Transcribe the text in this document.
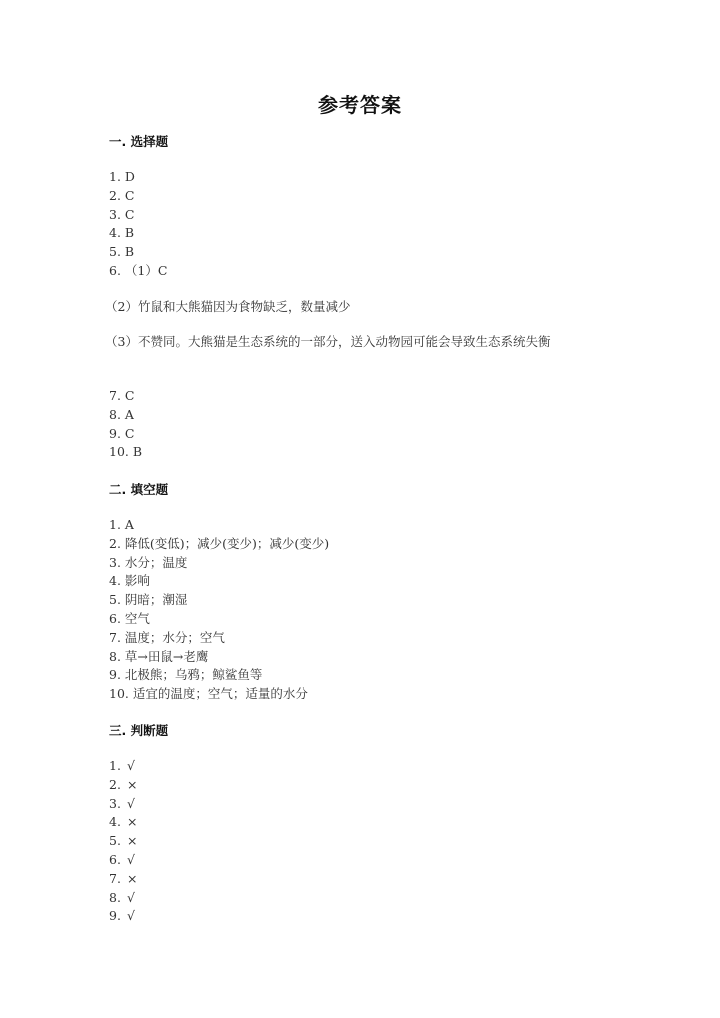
参考答案
一. 选择题
1. D
2. C
3. C
4. B
5. B
6. （1）C
（2）竹鼠和大熊猫因为食物缺乏，数量减少
（3）不赞同。大熊猫是生态系统的一部分，送入动物园可能会导致生态系统失衡
7. C
8. A
9. C
10. B
二. 填空题
1. A
2. 降低(变低)；减少(变少)；减少(变少)
3. 水分；温度
4. 影响
5. 阴暗；潮湿
6. 空气
7. 温度；水分；空气
8. 草→田鼠→老鹰
9. 北极熊；乌鸦；鲸鲨鱼等
10. 适宜的温度；空气；适量的水分
三. 判断题
1. √
2. ×
3. √
4. ×
5. ×
6. √
7. ×
8. √
9. √
